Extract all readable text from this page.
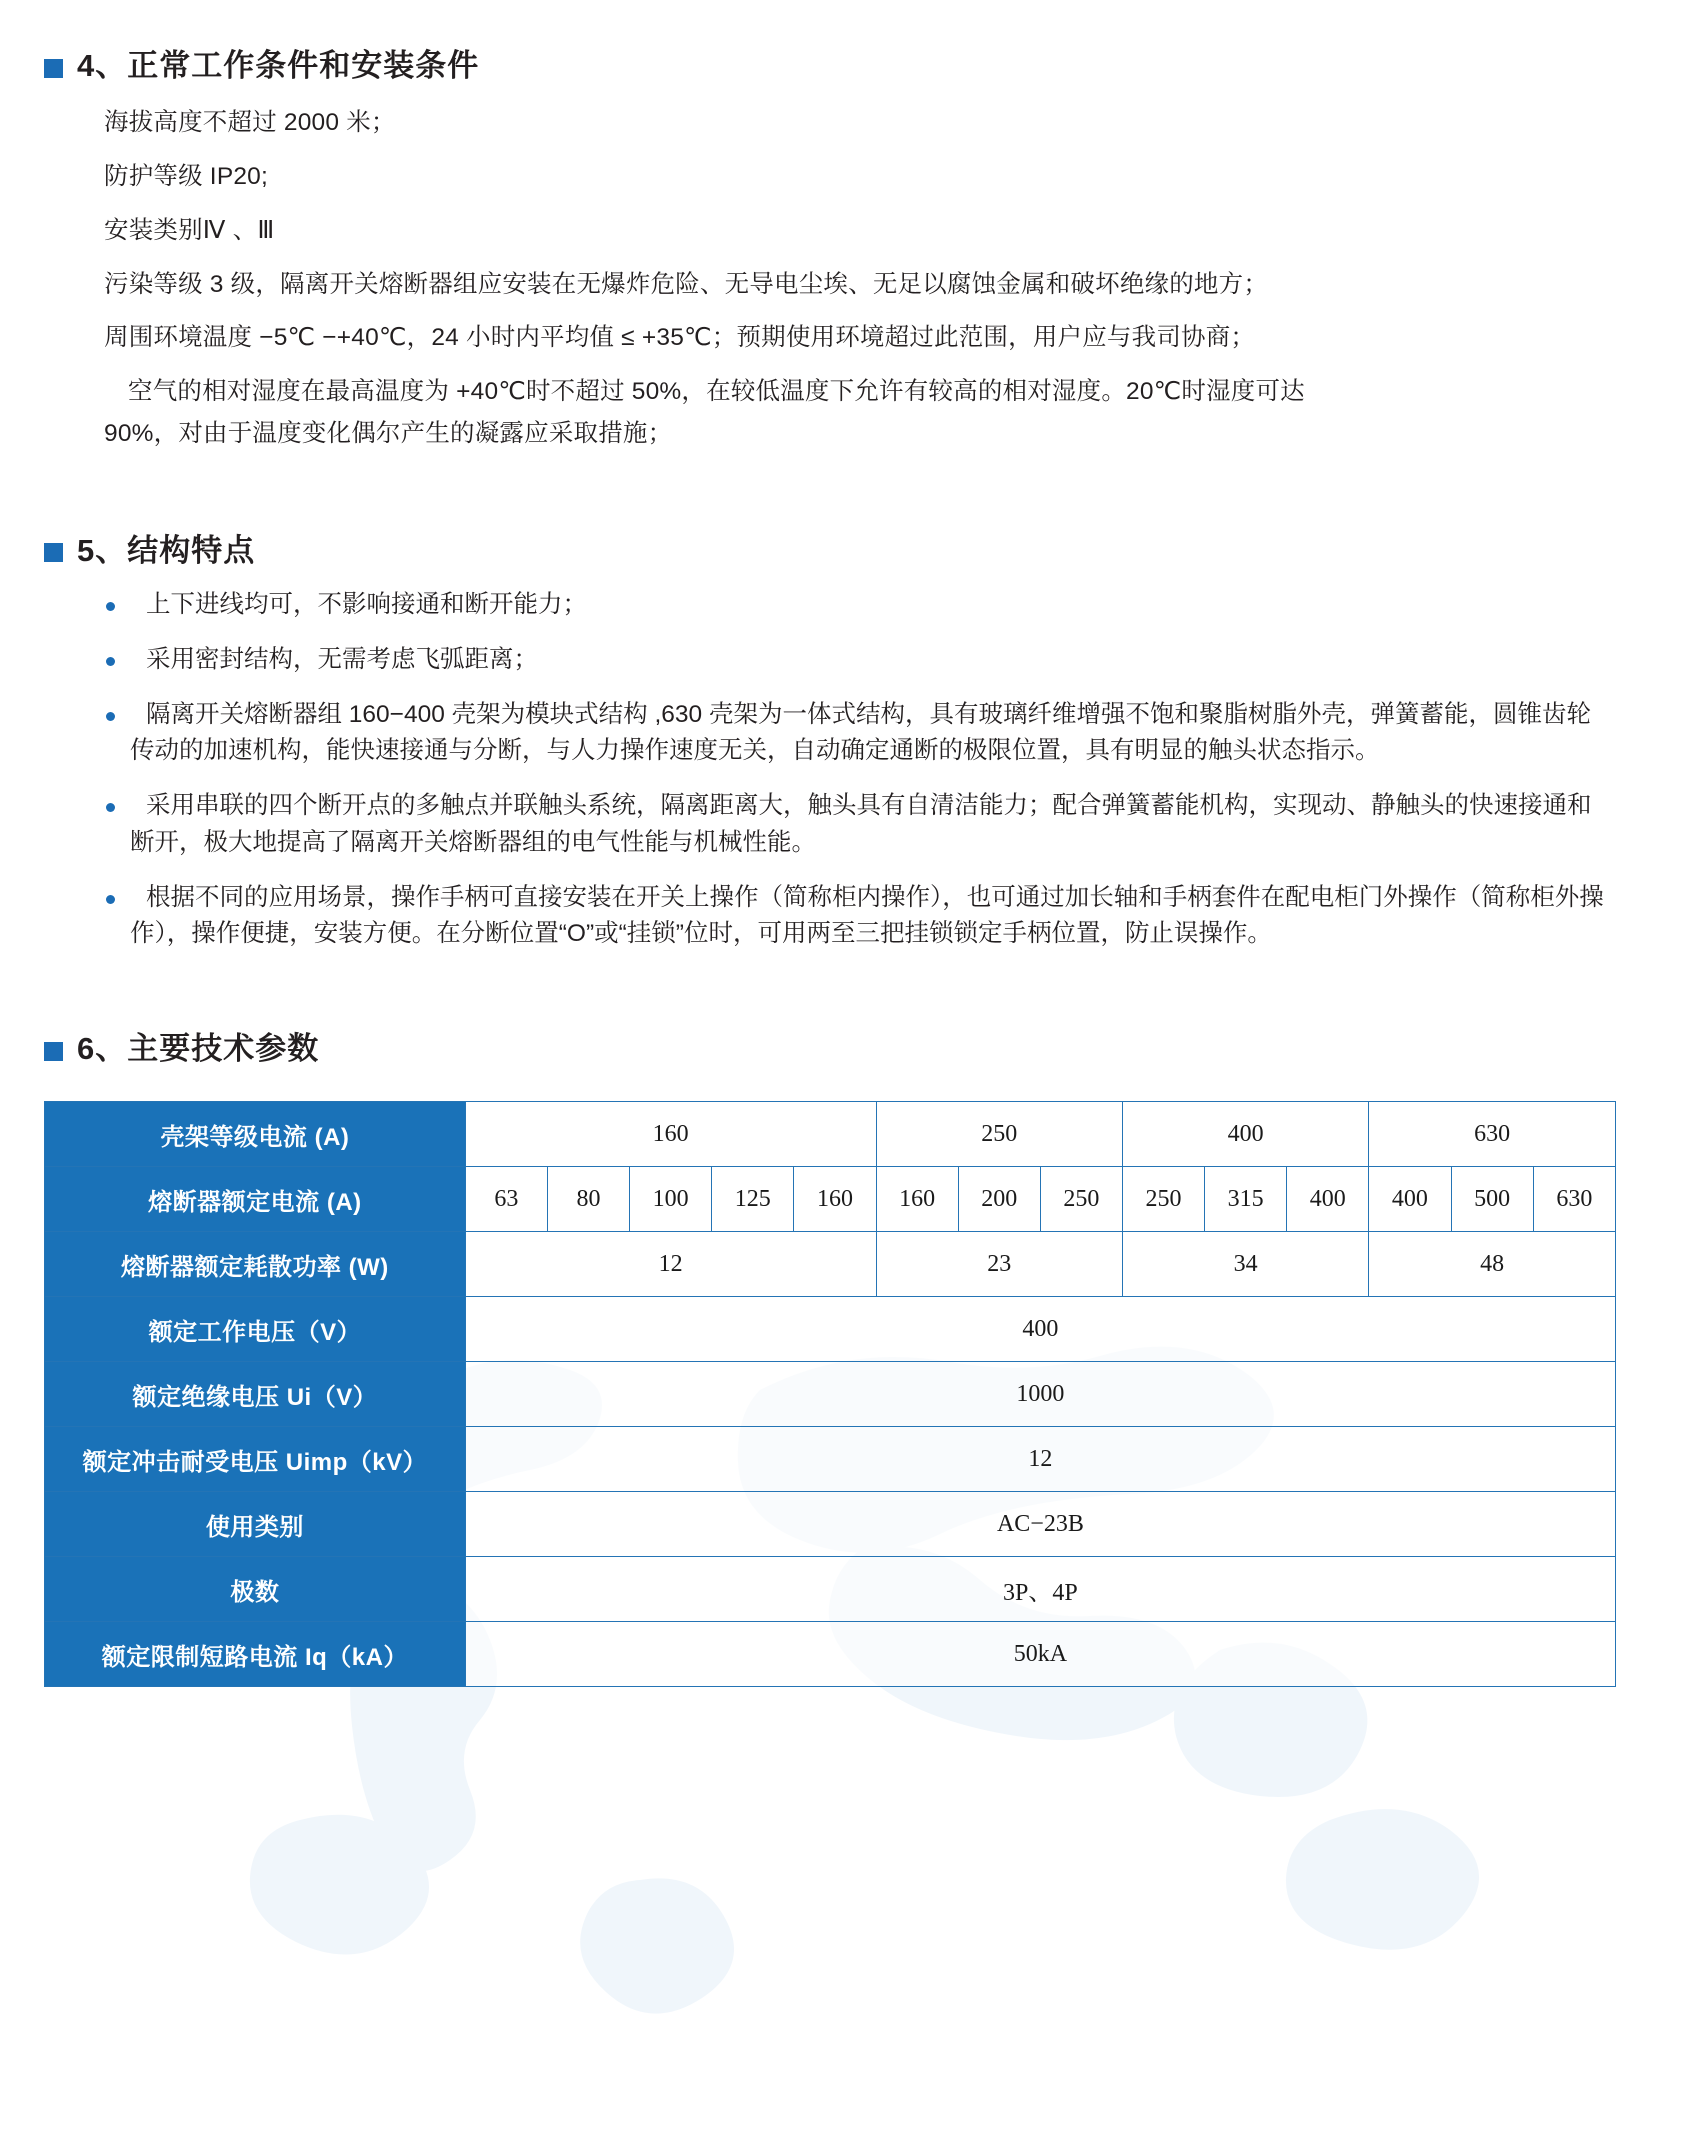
4、正常工作条件和安装条件

海拔高度不超过 2000 米；

防护等级 IP20;

安装类别Ⅳ 、Ⅲ

污染等级 3 级，隔离开关熔断器组应安装在无爆炸危险、无导电尘埃、无足以腐蚀金属和破坏绝缘的地方；

周围环境温度 −5℃ −+40℃，24 小时内平均值 ≤ +35℃；预期使用环境超过此范围，用户应与我司协商；

空气的相对湿度在最高温度为 +40℃时不超过 50%，在较低温度下允许有较高的相对湿度。20℃时湿度可达

90%，对由于温度变化偶尔产生的凝露应采取措施；

5、结构特点
上下进线均可，不影响接通和断开能力；
采用密封结构，无需考虑飞弧距离；
隔离开关熔断器组 160−400 壳架为模块式结构 ,630 壳架为一体式结构，具有玻璃纤维增强不饱和聚脂树脂外壳，弹簧蓄能，圆锥齿轮传动的加速机构，能快速接通与分断，与人力操作速度无关，自动确定通断的极限位置，具有明显的触头状态指示。
采用串联的四个断开点的多触点并联触头系统，隔离距离大，触头具有自清洁能力；配合弹簧蓄能机构，实现动、静触头的快速接通和断开，极大地提高了隔离开关熔断器组的电气性能与机械性能。
根据不同的应用场景，操作手柄可直接安装在开关上操作（简称柜内操作），也可通过加长轴和手柄套件在配电柜门外操作（简称柜外操作），操作便捷，安装方便。在分断位置“O”或“挂锁”位时，可用两至三把挂锁锁定手柄位置，防止误操作。
6、主要技术参数
壳架等级电流 (A)	160					250			400			630		
熔断器额定电流 (A)	63	80	100	125	160	160	200	250	250	315	400	400	500	630
熔断器额定耗散功率 (W)	12					23			34			48		
额定工作电压（V）	400													
额定绝缘电压 Ui（V）	1000													
额定冲击耐受电压 Uimp（kV）	12													
使用类别	AC−23B													
极数	3P、4P													
额定限制短路电流 Iq（kA）	50kA													
